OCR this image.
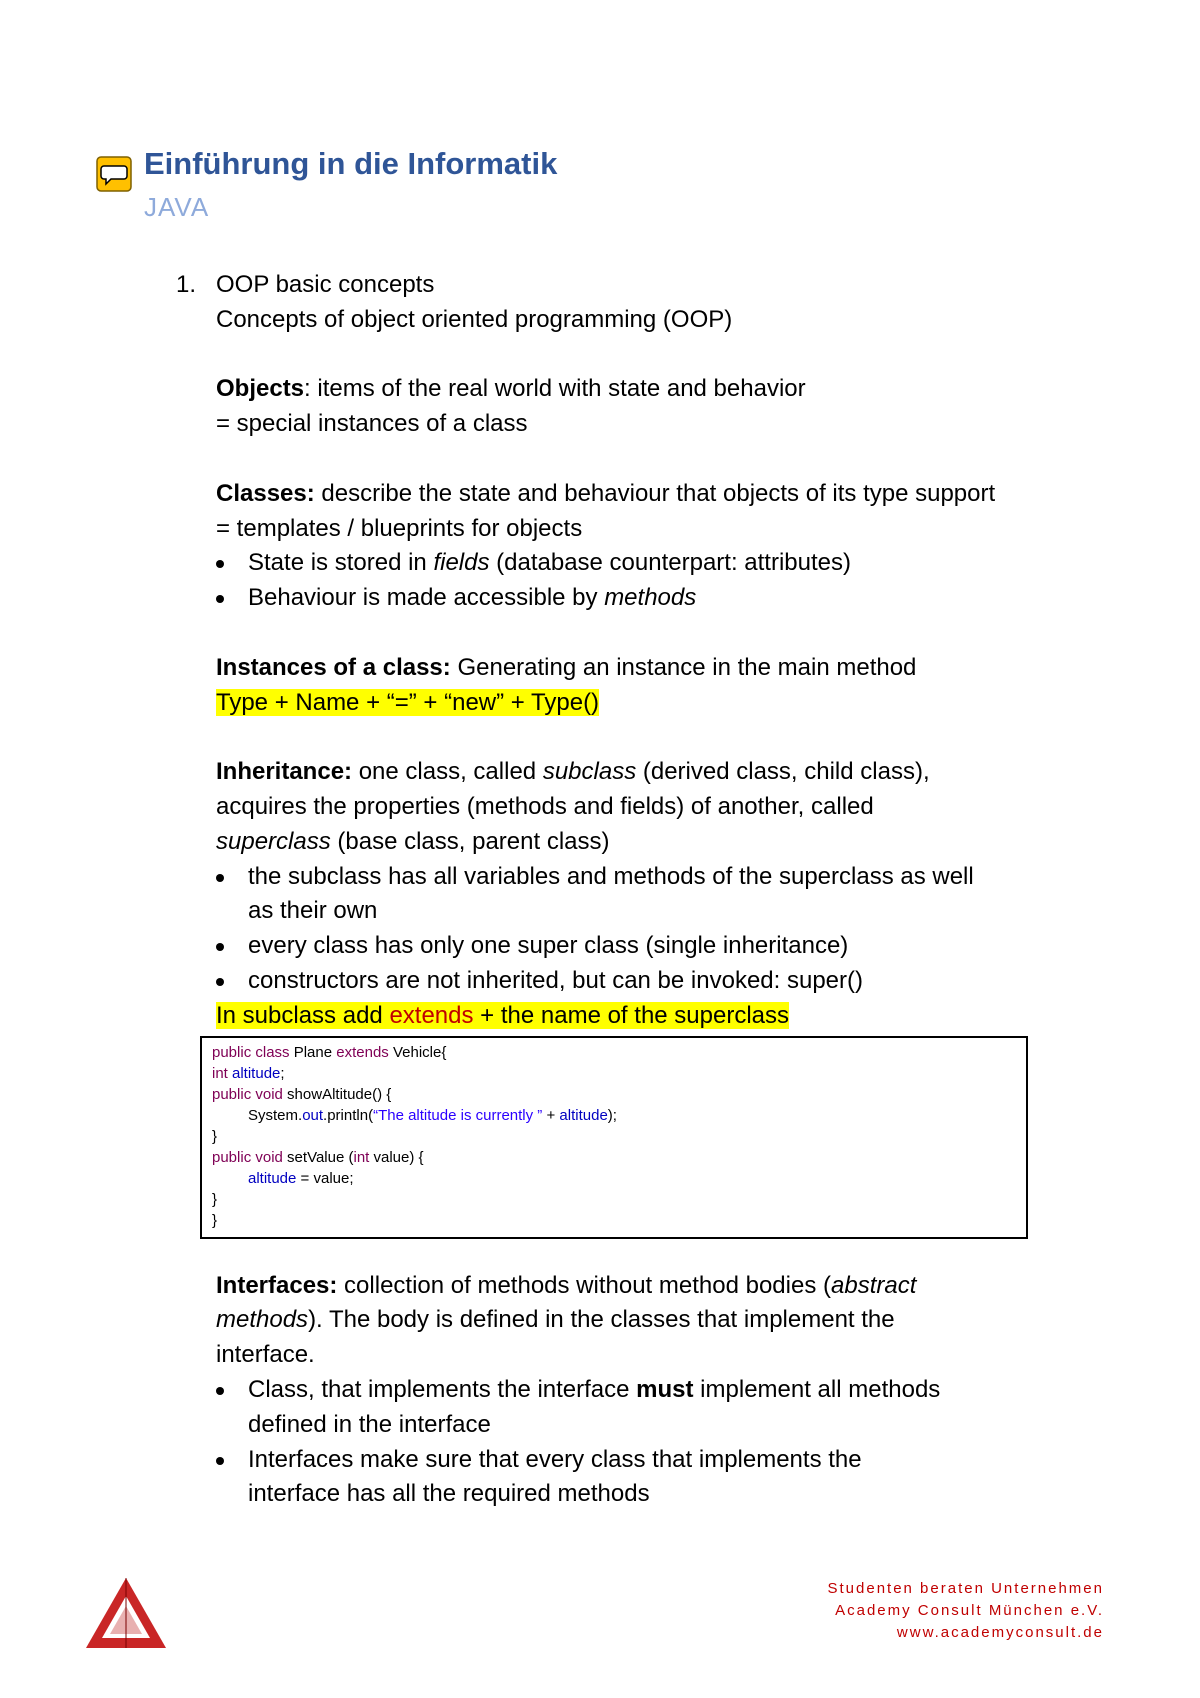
Einführung in die Informatik
JAVA
1. OOP basic concepts
Concepts of object oriented programming (OOP)
Objects: items of the real world with state and behavior
= special instances of a class
Classes: describe the state and behaviour that objects of its type support
= templates / blueprints for objects
State is stored in fields (database counterpart: attributes)
Behaviour is made accessible by methods
Instances of a class: Generating an instance in the main method
Type + Name + “=” + “new” + Type()
Inheritance: one class, called subclass (derived class, child class),
acquires the properties (methods and fields) of another, called
superclass (base class, parent class)
the subclass has all variables and methods of the superclass as well
as their own
every class has only one super class (single inheritance)
constructors are not inherited, but can be invoked: super()
In subclass add extends + the name of the superclass
public class Plane extends Vehicle{
int altitude;
public void showAltitude() {
System.out.println(“The altitude is currently ” + altitude);
}
public void setValue (int value) {
altitude = value;
}
}
Interfaces: collection of methods without method bodies (abstract
methods). The body is defined in the classes that implement the
interface.
Class, that implements the interface must implement all methods
defined in the interface
Interfaces make sure that every class that implements the
interface has all the required methods
Studenten beraten Unternehmen
Academy Consult München e.V.
www.academyconsult.de
